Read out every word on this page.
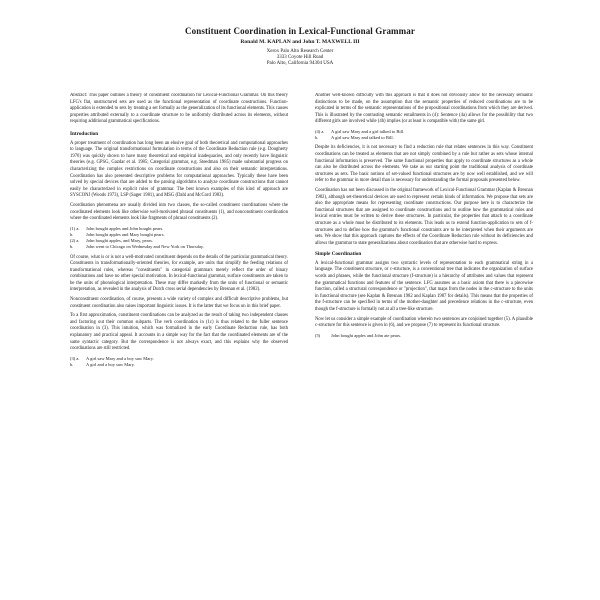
Constituent Coordination in Lexical-Functional Grammar
Ronald M. KAPLAN and John T. MAXWELL III
Xerox Palo Alto Research Center
3333 Coyote Hill Road
Palo Alto, California 94304 USA

Abstract: This paper outlines a theory of constituent coordination for Lexical-Functional Grammar. On this theory LFG's flat, unstructured sets are used as the functional representation of coordinate constructions. Function-application is extended to sets by treating a set formally as the generalization of its functional elements. This causes properties attributed externally to a coordinate structure to be uniformly distributed across its elements, without requiring additional grammatical specifications.

Introduction

A proper treatment of coordination has long been an elusive goal of both theoretical and computational approaches to language. The original transformational formulation in terms of the Coordinate Reduction rule (e.g. Dougherty 1970) was quickly shown to have many theoretical and empirical inadequacies, and only recently have linguistic theories (e.g. GPSG, Gazdar et al. 1985; Categorial grammar, e.g. Steedman 1985) made substantial progress on characterizing the complex restrictions on coordinate constructions and also on their semantic interpretations. Coordination has also presented descriptive problems for computational approaches. Typically these have been solved by special devices that are added to the parsing algorithms to analyze coordinate constructions that cannot easily be characterized in explicit rules of grammar. The best known examples of this kind of approach are SYSCONJ (Woods 1973), LSP (Sager 1981), and MSG (Dahl and McCord 1983).

Coordination phenomena are usually divided into two classes, the so-called constituent coordinations where the coordinated elements look like otherwise well-motivated phrasal constituents (1), and nonconstituent coordination where the coordinated elements look like fragments of phrasal constituents (2).

(1) a.	John bought apples and John bought pears.
b.	John bought apples and Mary bought pears.
(2) a.	John bought apples, and Mary, pears.
b.	John went to Chicago on Wednesday and New York on Thursday.

Of course, what is or is not a well-motivated constituent depends on the details of the particular grammatical theory. Constituents in transformationally-oriented theories, for example, are units that simplify the feeding relations of transformational rules, whereas "constituents" in categorial grammars merely reflect the order of binary combinations and have no other special motivation. In lexical-functional grammar, surface constituents are taken to be the units of phonological interpretation. These may differ markedly from the units of functional or semantic interpretation, as revealed in the analysis of Dutch cross serial dependencies by Bresnan et al. (1982).

Nonconstituent coordination, of course, presents a wide variety of complex and difficult descriptive problems, but constituent coordination also raises important linguistic issues. It is the latter that we focus on in this brief paper.

To a first approximation, constituent coordinations can be analyzed as the result of taking two independent clauses and factoring out their common subparts. The verb coordination in (1c) is thus related to the fuller sentence coordination in (3). This intuition, which was formalized in the early Coordinate Reduction rule, has both explanatory and practical appeal. It accounts in a simple way for the fact that the coordinated elements are of the same syntactic category. But the correspondence is not always exact, and this explains why the observed coordinations are still restricted.

(3) a.	A girl saw Mary and a boy saw Mary.
b.	A girl and a boy saw Mary.

Another well-known difficulty with this approach is that it does not obviously allow for the necessary semantic distinctions to be made, on the assumption that the semantic properties of reduced coordinations are to be explicated in terms of the semantic representations of the propositional coordinations from which they are derived. This is illustrated by the contrasting semantic entailments in (4): Sentence (4a) allows for the possibility that two different girls are involved while (4b) implies (or at least is compatible with) the same girl.

(4) a.	A girl saw Mary and a girl talked to Bill.
b.	A girl saw Mary and talked to Bill.

Despite its deficiencies, it is not necessary to find a reduction rule that relates sentences in this way. Constituent coordinations can be treated as elements that are not simply combined by a rule but rather as sets whose internal functional information is preserved. The same functional properties that apply to coordinate structures as a whole can also be distributed across the elements. We take as our starting point the traditional analysis of coordinate structures as sets. The basic notions of set-valued functional structures are by now well established, and we will refer to the grammar in more detail than is necessary for understanding the formal proposals presented below.

Coordination has not been discussed in the original framework of Lexical-Functional Grammar (Kaplan & Bresnan 1982), although set-theoretical devices are used to represent certain kinds of information. We propose that sets are also the appropriate means for representing coordinate constructions. Our purpose here is to characterize the functional structures that are assigned to coordinate constructions and to outline how the grammatical rules and lexical entries must be written to derive these structures. In particular, the properties that attach to a coordinate structure as a whole must be distributed to its elements. This leads us to extend function-application to sets of f-structures and to define how the grammar's functional constraints are to be interpreted when their arguments are sets. We show that this approach captures the effects of the Coordinate Reduction rule without its deficiencies and allows the grammar to state generalizations about coordination that are otherwise hard to express.

Simple Coordination

A lexical-functional grammar assigns two syntactic levels of representation to each grammatical string in a language. The constituent structure, or c-structure, is a conventional tree that indicates the organization of surface words and phrases, while the functional structure (f-structure) is a hierarchy of attributes and values that represent the grammatical functions and features of the sentence. LFG assumes as a basic axiom that there is a piecewise function, called a structural correspondence or "projection", that maps from the nodes in the c-structure to the units in functional structure (see Kaplan & Bresnan 1982 and Kaplan 1987 for details). This means that the properties of the f-structure can be specified in terms of the mother-daughter and precedence relations in the c-structure, even though the f-structure is formally not at all a tree-like structure.

Now let us consider a simple example of coordination wherein two sentences are conjoined together (5). A plausible c-structure for this sentence is given in (6), and we propose (7) to represent its functional structure.

(5)	John bought apples and John ate pears.
